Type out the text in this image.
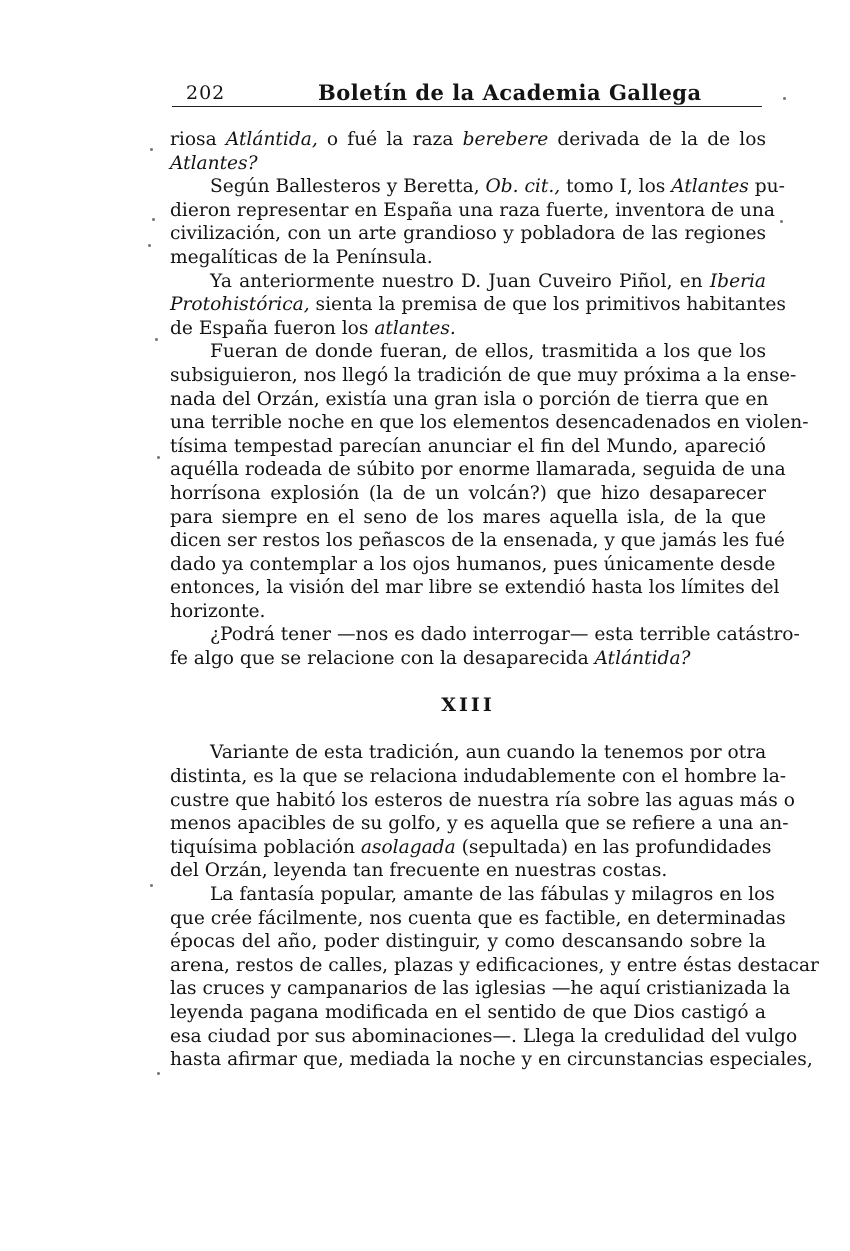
202	Boletín de la Academia Gallega
riosa Atlántida, o fué la raza berebere derivada de la de los
Atlantes?
Según Ballesteros y Beretta, Ob. cit., tomo I, los Atlantes pu-
dieron representar en España una raza fuerte, inventora de una
civilización, con un arte grandioso y pobladora de las regiones
megalíticas de la Península.
Ya anteriormente nuestro D. Juan Cuveiro Piñol, en Iberia
Protohistórica, sienta la premisa de que los primitivos habitantes
de España fueron los atlantes.
Fueran de donde fueran, de ellos, trasmitida a los que los
subsiguieron, nos llegó la tradición de que muy próxima a la ense-
nada del Orzán, existía una gran isla o porción de tierra que en
una terrible noche en que los elementos desencadenados en violen-
tísima tempestad parecían anunciar el fin del Mundo, apareció
aquélla rodeada de súbito por enorme llamarada, seguida de una
horrísona explosión (la de un volcán?) que hizo desaparecer
para siempre en el seno de los mares aquella isla, de la que
dicen ser restos los peñascos de la ensenada, y que jamás les fué
dado ya contemplar a los ojos humanos, pues únicamente desde
entonces, la visión del mar libre se extendió hasta los límites del
horizonte.
¿Podrá tener —nos es dado interrogar— esta terrible catástro-
fe algo que se relacione con la desaparecida Atlántida?
XIII
Variante de esta tradición, aun cuando la tenemos por otra
distinta, es la que se relaciona indudablemente con el hombre la-
custre que habitó los esteros de nuestra ría sobre las aguas más o
menos apacibles de su golfo, y es aquella que se refiere a una an-
tiquísima población asolagada (sepultada) en las profundidades
del Orzán, leyenda tan frecuente en nuestras costas.
La fantasía popular, amante de las fábulas y milagros en los
que crée fácilmente, nos cuenta que es factible, en determinadas
épocas del año, poder distinguir, y como descansando sobre la
arena, restos de calles, plazas y edificaciones, y entre éstas destacar
las cruces y campanarios de las iglesias —he aquí cristianizada la
leyenda pagana modificada en el sentido de que Dios castigó a
esa ciudad por sus abominaciones—. Llega la credulidad del vulgo
hasta afirmar que, mediada la noche y en circunstancias especiales,
